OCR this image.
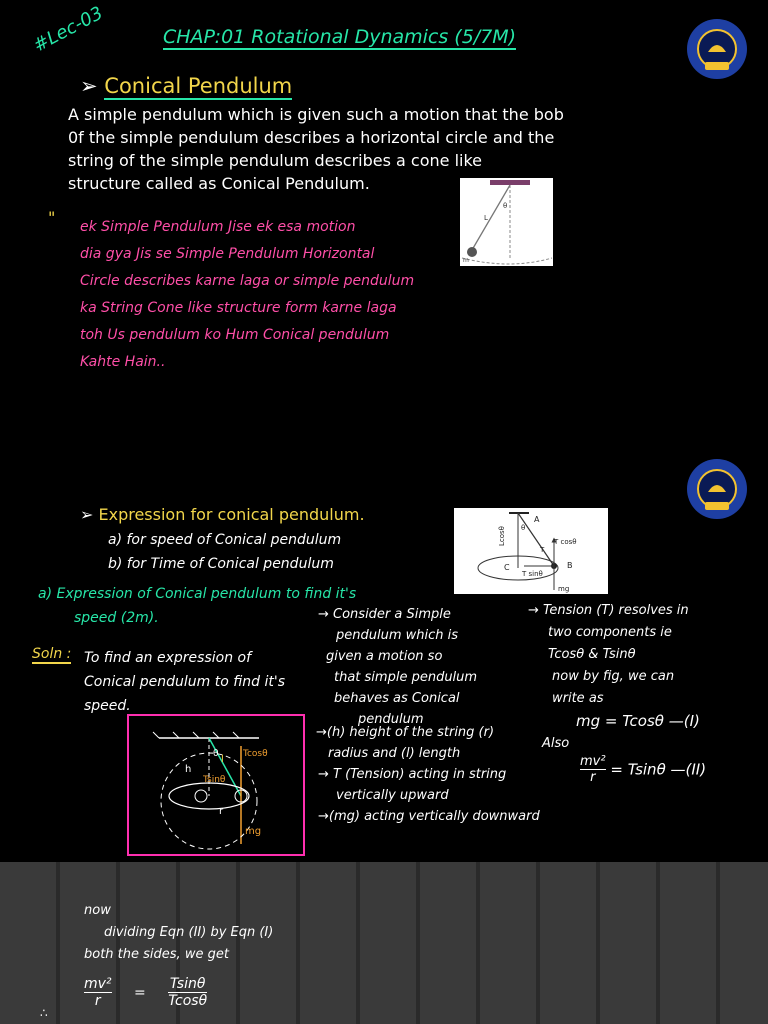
#Lec-03	CHAP:01 Rotational Dynamics (5/7M)
➢ Conical Pendulum
A simple pendulum which is given such a motion that the bob
0f the simple pendulum describes a horizontal circle and the
string of the simple pendulum describes a cone like
structure called as Conical Pendulum.
" ek Simple Pendulum Jise ek esa motion
dia gya Jis se Simple Pendulum Horizontal
Circle describes karne laga or simple pendulum
ka String Cone like structure form karne laga
toh Us pendulum ko Hum Conical pendulum
Kahte Hain..
L
θ
m
➢ Expression for conical pendulum.
a) for speed of Conical pendulum
b) for Time of Conical pendulum
Lcosθ
A
B
C
T cosθ
T
T sinθ
mg
θ
a) Expression of Conical pendulum to find it's
speed (2m).
Soln : To find an expression of
Conical pendulum to find it's
speed.
→ Consider a Simple
pendulum which is
given a motion so
that simple pendulum
behaves as Conical
pendulum
→ Tension (T) resolves in
two components ie
Tcosθ & Tsinθ
now by fig, we can
write as
mg = Tcosθ —(I)
Also
$\frac{\text{mv²}}{r} = Tsin\theta$ —(II)
h
l
θ	Tcosθ
Tsinθ
r
mg
→(h) height of the string (r)
radius and (l) length
→ T (Tension) acting in string
vertically upward
→(mg) acting vertically downward
now
dividing Eqn (II) by Eqn (I)
both the sides, we get
$\frac{\text{mv²}}{r} = \frac{Tsin\theta}{Tcos\theta}$
∴
